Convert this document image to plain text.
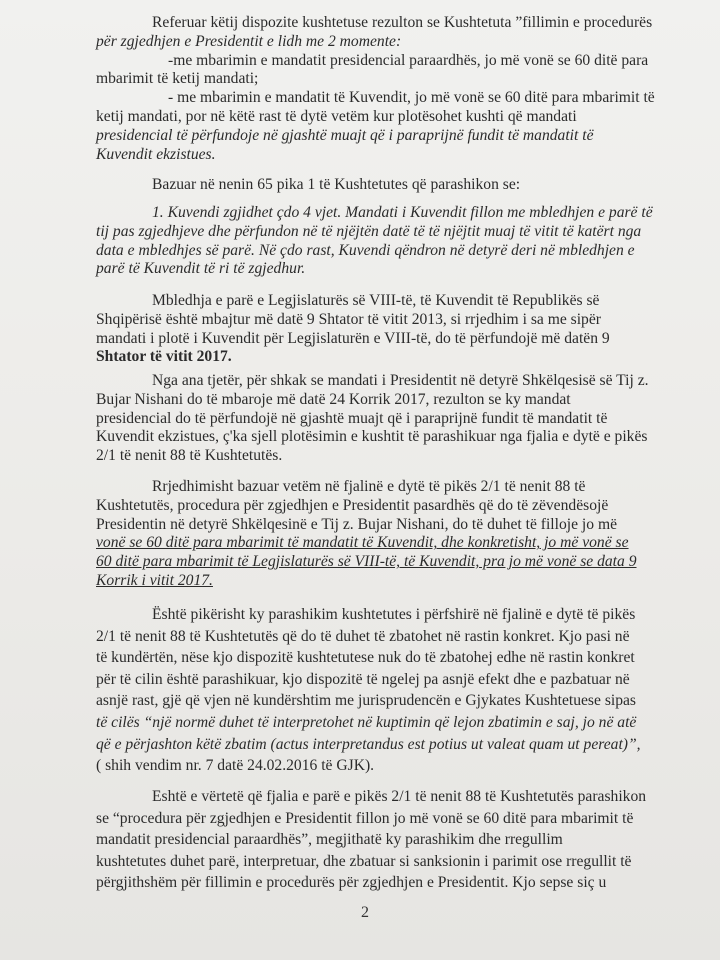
Referuar këtij dispozite kushtetuse rezulton se Kushtetuta ”fillimin e procedurës
për zgjedhjen e Presidentit e lidh me 2 momente:
-me mbarimin e mandatit presidencial paraardhës, jo më vonë se 60 ditë para
mbarimit të ketij mandati;
- me mbarimin e mandatit të Kuvendit, jo më vonë se 60 ditë para mbarimit të
ketij mandati, por në këtë rast të dytë vetëm kur plotësohet kushti që mandati
presidencial të përfundoje në gjashtë muajt që i paraprijnë fundit të mandatit të
Kuvendit ekzistues.
Bazuar në nenin 65 pika 1 të Kushtetutes që parashikon se:
1. Kuvendi zgjidhet çdo 4 vjet. Mandati i Kuvendit fillon me mbledhjen e parë të
tij pas zgjedhjeve dhe përfundon në të njëjtën datë të të njëjtit muaj të vitit të katërt nga
data e mbledhjes së parë. Në çdo rast, Kuvendi qëndron në detyrë deri në mbledhjen e
parë të Kuvendit të ri të zgjedhur.
Mbledhja e parë e Legjislaturës së VIII-të, të Kuvendit të Republikës së
Shqipërisë është mbajtur më datë 9 Shtator të vitit 2013, si rrjedhim i sa me sipër
mandati i plotë i Kuvendit për Legjislaturën e VIII-të, do të përfundojë më datën 9
Shtator të vitit 2017.
Nga ana tjetër, për shkak se mandati i Presidentit në detyrë Shkëlqesisë së Tij z.
Bujar Nishani do të mbaroje më datë 24 Korrik 2017, rezulton se ky mandat
presidencial do të përfundojë në gjashtë muajt që i paraprijnë fundit të mandatit të
Kuvendit ekzistues, ç'ka sjell plotësimin e kushtit të parashikuar nga fjalia e dytë e pikës
2/1 të nenit 88 të Kushtetutës.
Rrjedhimisht bazuar vetëm në fjalinë e dytë të pikës 2/1 të nenit 88 të
Kushtetutës, procedura për zgjedhjen e Presidentit pasardhës që do të zëvendësojë
Presidentin në detyrë Shkëlqesinë e Tij z. Bujar Nishani, do të duhet të filloje jo më
vonë se 60 ditë para mbarimit të mandatit të Kuvendit, dhe konkretisht, jo më vonë se
60 ditë para mbarimit të Legjislaturës së VIII-të, të Kuvendit, pra jo më vonë se data 9
Korrik i vitit 2017.
Është pikërisht ky parashikim kushtetutes i përfshirë në fjalinë e dytë të pikës
2/1 të nenit 88 të Kushtetutës që do të duhet të zbatohet në rastin konkret. Kjo pasi në
të kundërtën, nëse kjo dispozitë kushtetutese nuk do të zbatohej edhe në rastin konkret
për të cilin është parashikuar, kjo dispozitë të ngelej pa asnjë efekt dhe e pazbatuar në
asnjë rast, gjë që vjen në kundërshtim me jurisprudencën e Gjykates Kushtetuese sipas
të cilës “një normë duhet të interpretohet në kuptimin që lejon zbatimin e saj, jo në atë
që e përjashton këtë zbatim (actus interpretandus est potius ut valeat quam ut pereat)”,
( shih vendim nr. 7 datë 24.02.2016 të GJK).
Eshtë e vërtetë që fjalia e parë e pikës 2/1 të nenit 88 të Kushtetutës parashikon
se “procedura për zgjedhjen e Presidentit fillon jo më vonë se 60 ditë para mbarimit të
mandatit presidencial paraardhës”, megjithatë ky parashikim dhe rregullim
kushtetutes duhet parë, interpretuar, dhe zbatuar si sanksionin i parimit ose rregullit të
përgjithshëm për fillimin e procedurës për zgjedhjen e Presidentit. Kjo sepse siç u
2
